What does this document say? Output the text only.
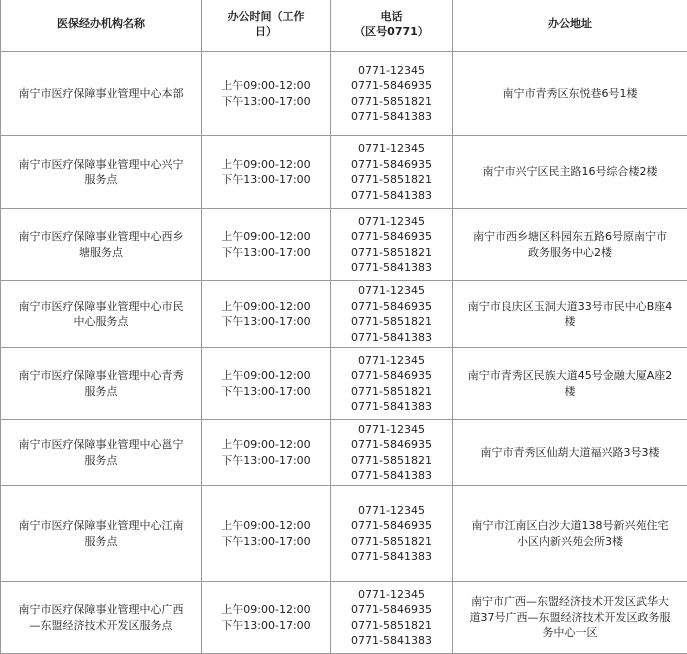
医保经办机构名称	办公时间（工作
日）	电话
（区号0771）	办公地址

南宁市医疗保障事业管理中心本部	上午09:00-12:00
下午13:00-17:00	0771-12345
0771-5846935
0771-5851821
0771-5841383	南宁市青秀区东悦巷6号1楼

南宁市医疗保障事业管理中心兴宁
服务点	上午09:00-12:00
下午13:00-17:00	0771-12345
0771-5846935
0771-5851821
0771-5841383	南宁市兴宁区民主路16号综合楼2楼

南宁市医疗保障事业管理中心西乡
塘服务点	上午09:00-12:00
下午13:00-17:00	0771-12345
0771-5846935
0771-5851821
0771-5841383	南宁市西乡塘区科园东五路6号原南宁市
政务服务中心2楼

南宁市医疗保障事业管理中心市民
中心服务点	上午09:00-12:00
下午13:00-17:00	0771-12345
0771-5846935
0771-5851821
0771-5841383	南宁市良庆区玉洞大道33号市民中心B座4
楼

南宁市医疗保障事业管理中心青秀
服务点	上午09:00-12:00
下午13:00-17:00	0771-12345
0771-5846935
0771-5851821
0771-5841383	南宁市青秀区民族大道45号金融大厦A座2
楼

南宁市医疗保障事业管理中心邕宁
服务点	上午09:00-12:00
下午13:00-17:00	0771-12345
0771-5846935
0771-5851821
0771-5841383	南宁市青秀区仙葫大道福兴路3号3楼

南宁市医疗保障事业管理中心江南
服务点	上午09:00-12:00
下午13:00-17:00	0771-12345
0771-5846935
0771-5851821
0771-5841383	南宁市江南区白沙大道138号新兴苑住宅
小区内新兴苑会所3楼

南宁市医疗保障事业管理中心广西
—东盟经济技术开发区服务点	上午09:00-12:00
下午13:00-17:00	0771-12345
0771-5846935
0771-5851821
0771-5841383	南宁市广西—东盟经济技术开发区武华大
道37号广西—东盟经济技术开发区政务服
务中心一区
